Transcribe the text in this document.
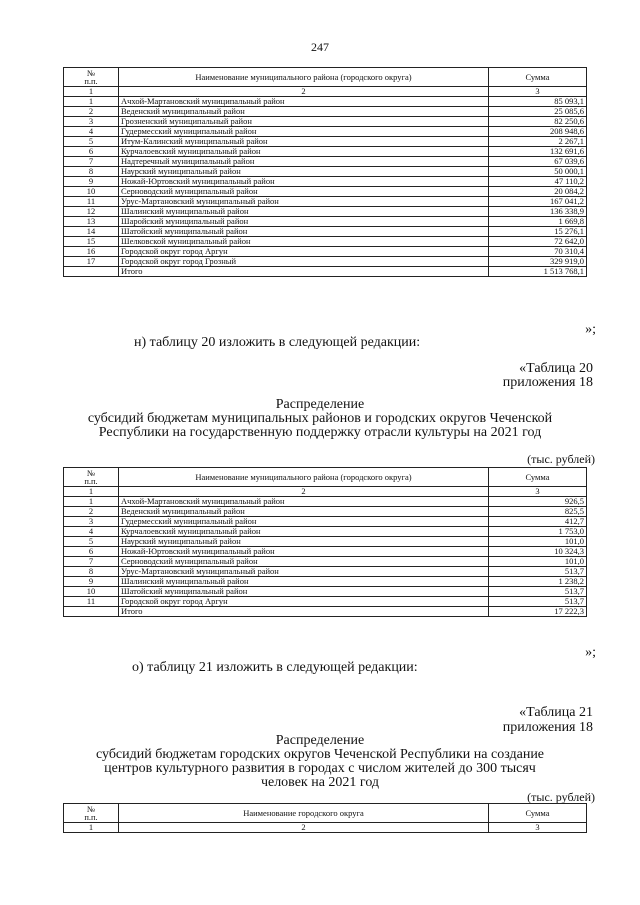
247
№
п.п.	Наименование муниципального района (городского округа)	Сумма
1	2	3
1	Ачхой-Мартановский муниципальный район	85 093,1
2	Веденский муниципальный район	25 085,6
3	Грозненский муниципальный район	82 250,6
4	Гудермесский муниципальный район	208 948,6
5	Итум-Калинский муниципальный район	2 267,1
6	Курчалоевский муниципальный район	132 691,6
7	Надтеречный муниципальный район	67 039,6
8	Наурский муниципальный район	50 000,1
9	Ножай-Юртовский муниципальный район	47 110,2
10	Серноводский муниципальный район	20 084,2
11	Урус-Мартановский муниципальный район	167 041,2
12	Шалинский муниципальный район	136 338,9
13	Шаройский муниципальный район	1 669,8
14	Шатойский муниципальный район	15 276,1
15	Шелковской муниципальный район	72 642,0
16	Городской округ город Аргун	70 310,4
17	Городской округ город Грозный	329 919,0
	Итого	1 513 768,1
»;
н) таблицу 20 изложить в следующей редакции:
«Таблица 20
приложения 18
Распределение
субсидий бюджетам муниципальных районов и городских округов Чеченской
Республики на государственную поддержку отрасли культуры на 2021 год
(тыс. рублей)
№
п.п.	Наименование муниципального района (городского округа)	Сумма
1	2	3
1	Ачхой-Мартановский муниципальный район	926,5
2	Веденский муниципальный район	825,5
3	Гудермесский муниципальный район	412,7
4	Курчалоевский муниципальный район	1 753,0
5	Наурский муниципальный район	101,0
6	Ножай-Юртовский муниципальный район	10 324,3
7	Серноводский муниципальный район	101,0
8	Урус-Мартановский муниципальный район	513,7
9	Шалинский муниципальный район	1 238,2
10	Шатойский муниципальный район	513,7
11	Городской округ город Аргун	513,7
	Итого	17 222,3
»;
о) таблицу 21 изложить в следующей редакции:
«Таблица 21
приложения 18
Распределение
субсидий бюджетам городских округов Чеченской Республики на создание
центров культурного развития в городах с числом жителей до 300 тысяч
человек на 2021 год
(тыс. рублей)
№
п.п.	Наименование городского округа	Сумма
1	2	3
